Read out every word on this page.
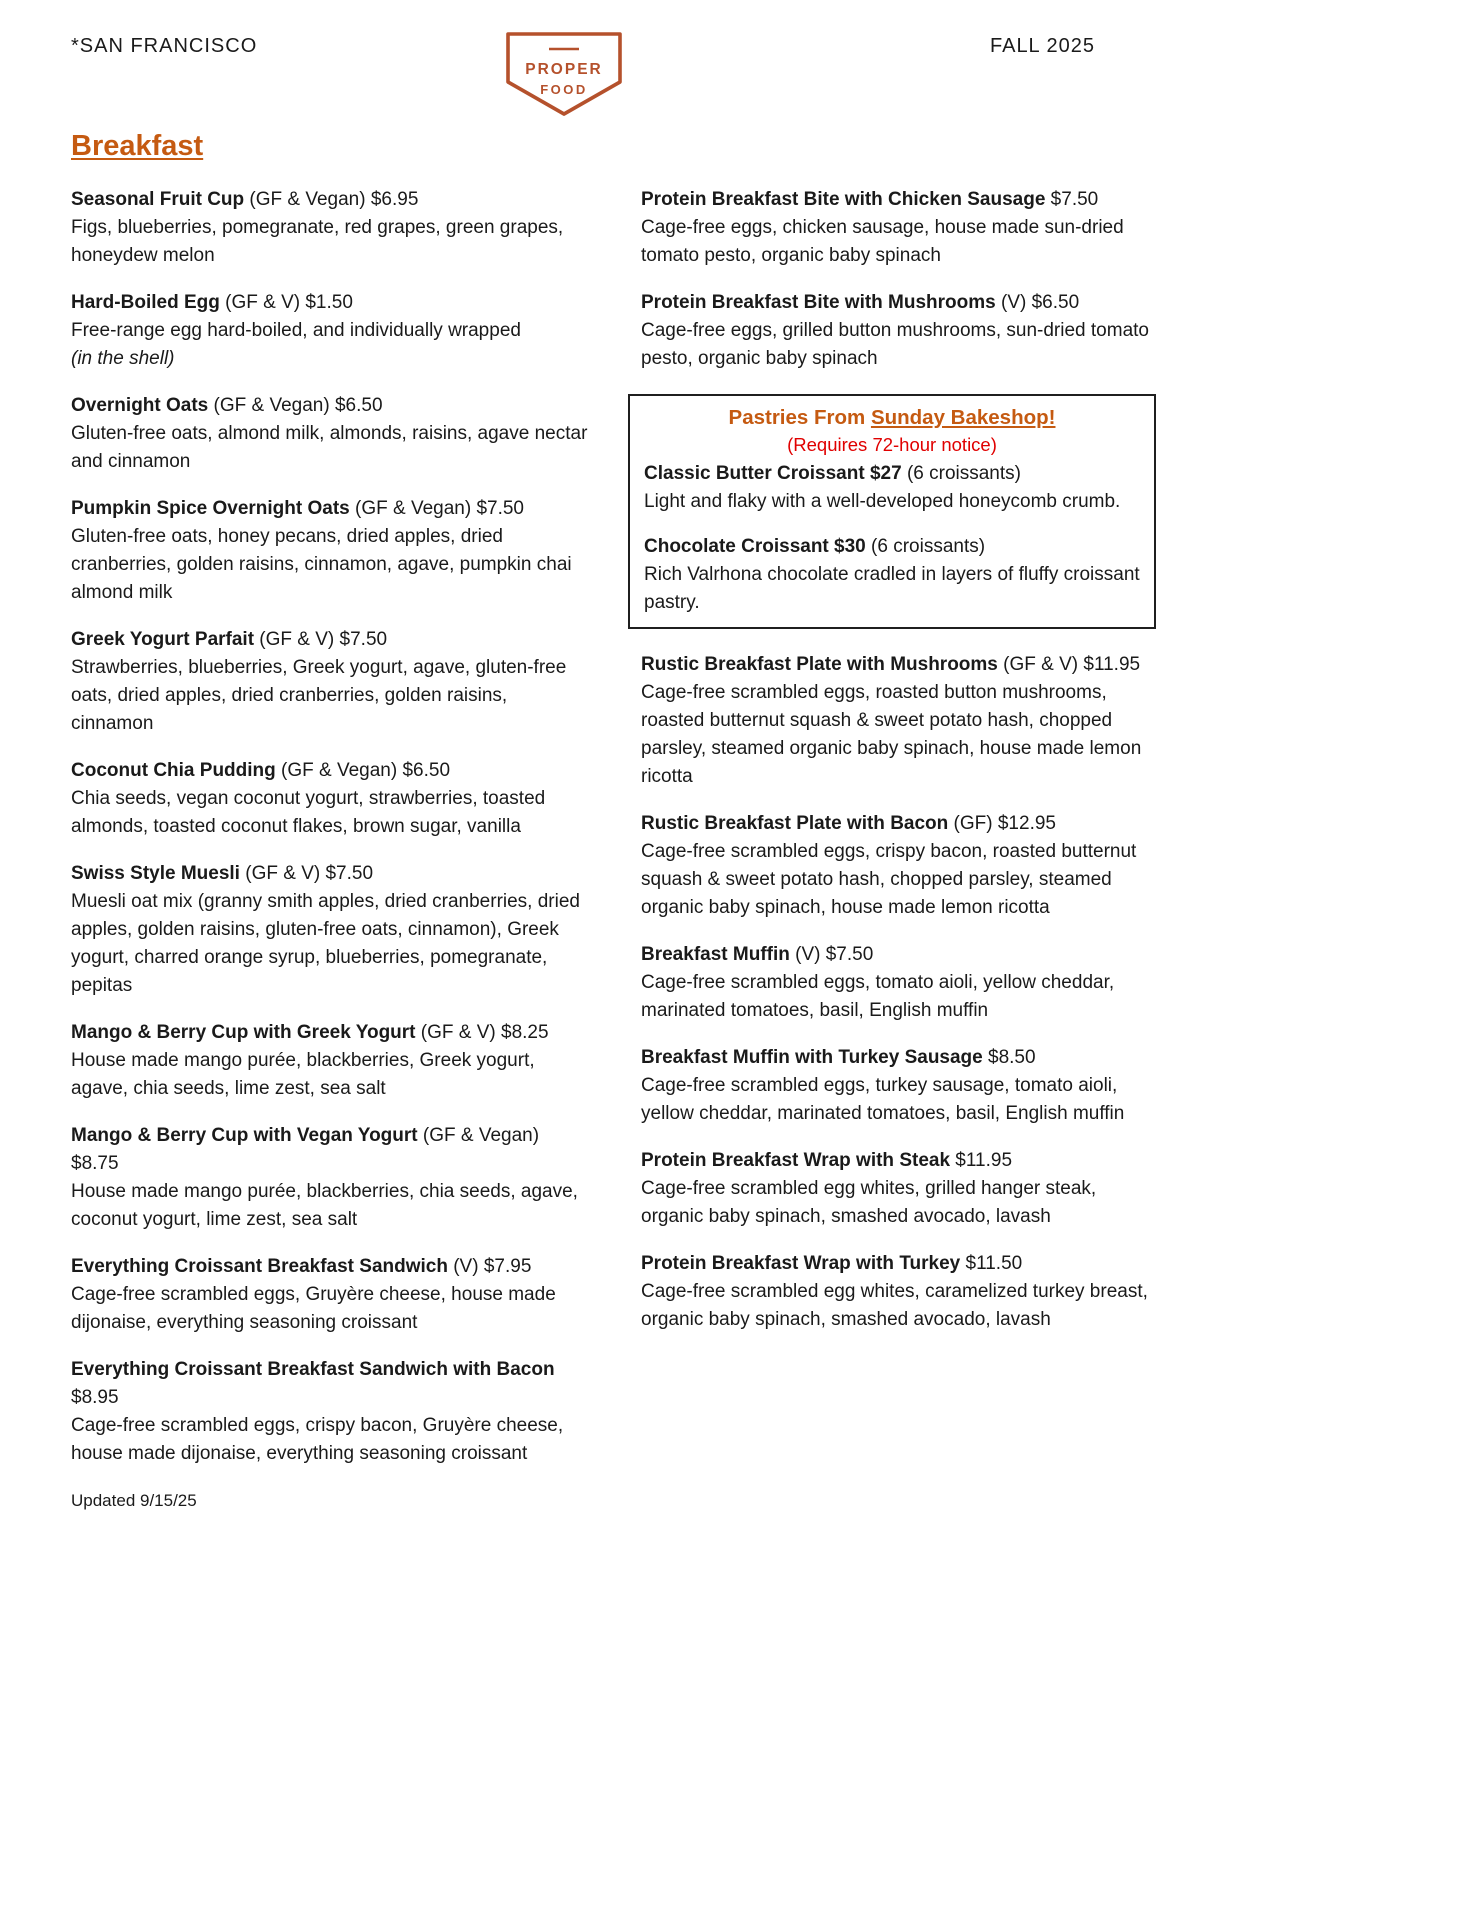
*SAN FRANCISCO	FALL 2025
PROPER
FOOD
Breakfast
Seasonal Fruit Cup (GF & Vegan) $6.95
Figs, blueberries, pomegranate, red grapes, green grapes, honeydew melon
Hard-Boiled Egg (GF & V) $1.50
Free-range egg hard-boiled, and individually wrapped
(in the shell)
Overnight Oats (GF & Vegan) $6.50
Gluten-free oats, almond milk, almonds, raisins, agave nectar and cinnamon
Pumpkin Spice Overnight Oats (GF & Vegan) $7.50
Gluten-free oats, honey pecans, dried apples, dried cranberries, golden raisins, cinnamon, agave, pumpkin chai almond milk
Greek Yogurt Parfait (GF & V) $7.50
Strawberries, blueberries, Greek yogurt, agave, gluten-free oats, dried apples, dried cranberries, golden raisins, cinnamon
Coconut Chia Pudding (GF & Vegan) $6.50
Chia seeds, vegan coconut yogurt, strawberries, toasted almonds, toasted coconut flakes, brown sugar, vanilla
Swiss Style Muesli (GF & V) $7.50
Muesli oat mix (granny smith apples, dried cranberries, dried apples, golden raisins, gluten-free oats, cinnamon), Greek yogurt, charred orange syrup, blueberries, pomegranate, pepitas
Mango & Berry Cup with Greek Yogurt (GF & V) $8.25
House made mango purée, blackberries, Greek yogurt, agave, chia seeds, lime zest, sea salt
Mango & Berry Cup with Vegan Yogurt (GF & Vegan) $8.75
House made mango purée, blackberries, chia seeds, agave, coconut yogurt, lime zest, sea salt
Everything Croissant Breakfast Sandwich (V) $7.95
Cage-free scrambled eggs, Gruyère cheese, house made dijonaise, everything seasoning croissant
Everything Croissant Breakfast Sandwich with Bacon $8.95
Cage-free scrambled eggs, crispy bacon, Gruyère cheese, house made dijonaise, everything seasoning croissant
Protein Breakfast Bite with Chicken Sausage $7.50
Cage-free eggs, chicken sausage, house made sun-dried tomato pesto, organic baby spinach
Protein Breakfast Bite with Mushrooms (V) $6.50
Cage-free eggs, grilled button mushrooms, sun-dried tomato pesto, organic baby spinach
Pastries From Sunday Bakeshop!
(Requires 72-hour notice)
Classic Butter Croissant $27 (6 croissants)
Light and flaky with a well-developed honeycomb crumb.
Chocolate Croissant $30 (6 croissants)
Rich Valrhona chocolate cradled in layers of fluffy croissant pastry.
Rustic Breakfast Plate with Mushrooms (GF & V) $11.95
Cage-free scrambled eggs, roasted button mushrooms, roasted butternut squash & sweet potato hash, chopped parsley, steamed organic baby spinach, house made lemon ricotta
Rustic Breakfast Plate with Bacon (GF) $12.95
Cage-free scrambled eggs, crispy bacon, roasted butternut squash & sweet potato hash, chopped parsley, steamed organic baby spinach, house made lemon ricotta
Breakfast Muffin (V) $7.50
Cage-free scrambled eggs, tomato aioli, yellow cheddar, marinated tomatoes, basil, English muffin
Breakfast Muffin with Turkey Sausage $8.50
Cage-free scrambled eggs, turkey sausage, tomato aioli, yellow cheddar, marinated tomatoes, basil, English muffin
Protein Breakfast Wrap with Steak $11.95
Cage-free scrambled egg whites, grilled hanger steak, organic baby spinach, smashed avocado, lavash
Protein Breakfast Wrap with Turkey $11.50
Cage-free scrambled egg whites, caramelized turkey breast, organic baby spinach, smashed avocado, lavash
Updated 9/15/25
